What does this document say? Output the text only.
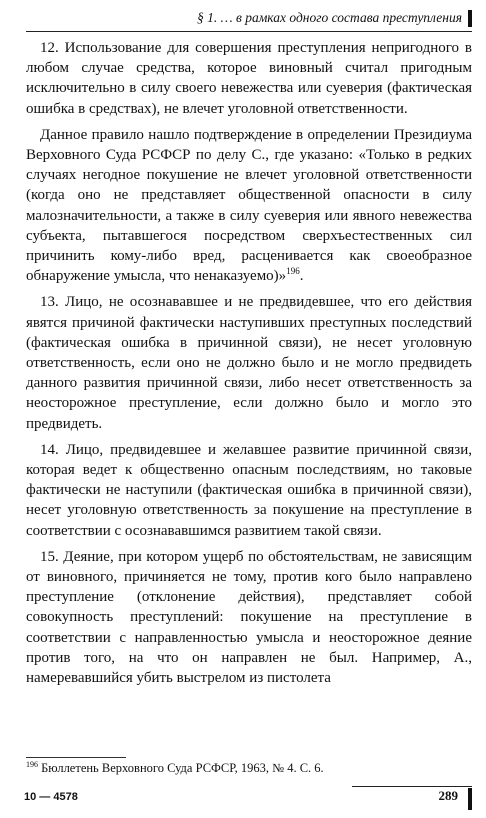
§ 1. … в рамках одного состава преступления

12. Использование для совершения преступления непригодного в любом случае средства, которое виновный считал пригодным исключительно в силу своего невежества или суеверия (фактическая ошибка в средствах), не влечет уголовной ответственности.

Данное правило нашло подтверждение в определении Президиума Верховного Суда РСФСР по делу С., где указано: «Только в редких случаях негодное покушение не влечет уголовной ответственности (когда оно не представляет общественной опасности в силу малозначительности, а также в силу суеверия или явного невежества субъекта, пытавшегося посредством сверхъестественных сил причинить кому-либо вред, расценивается как своеобразное обнаружение умысла, что ненаказуемо)»$^{196}$.

13. Лицо, не осознававшее и не предвидевшее, что его действия явятся причиной фактически наступивших преступных последствий (фактическая ошибка в причинной связи), не несет уголовную ответственность, если оно не должно было и не могло предвидеть данного развития причинной связи, либо несет ответственность за неосторожное преступление, если должно было и могло это предвидеть.

14. Лицо, предвидевшее и желавшее развитие причинной связи, которая ведет к общественно опасным последствиям, но таковые фактически не наступили (фактическая ошибка в причинной связи), несет уголовную ответственность за покушение на преступление в соответствии с осознававшимся развитием такой связи.

15. Деяние, при котором ущерб по обстоятельствам, не зависящим от виновного, причиняется не тому, против кого было направлено преступление (отклонение действия), представляет собой совокупность преступлений: покушение на преступление в соответствии с направленностью умысла и неосторожное деяние против того, на что он направлен не был. Например, А., намеревавшийся убить выстрелом из пистолета

$^{196}$ Бюллетень Верховного Суда РСФСР, 1963, № 4. С. 6.
10 — 4578	289
